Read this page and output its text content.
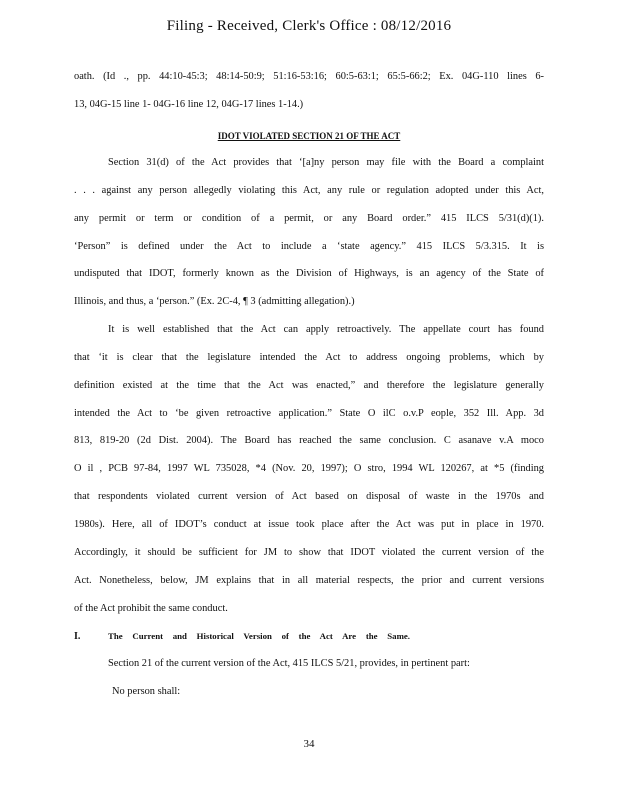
Filing - Received, Clerk's Office : 08/12/2016
oath. (Id ., pp. 44:10-45:3; 48:14-50:9; 51:16-53:16; 60:5-63:1; 65:5-66:2; Ex. 04G-110 lines 6-
13, 04G-15 line 1- 04G-16 line 12, 04G-17 lines 1-14.)
IDOT VIOLATED SECTION 21 OF THE ACT
Section 31(d) of the Act provides that ‘[a]ny person may file with the Board a complaint
. . . against any person allegedly violating this Act, any rule or regulation adopted under this Act,
any permit or term or condition of a permit, or any Board order.” 415 ILCS 5/31(d)(1).
‘Person” is defined under the Act to include a ‘state agency.” 415 ILCS 5/3.315. It is
undisputed that IDOT, formerly known as the Division of Highways, is an agency of the State of
Illinois, and thus, a ‘person.” (Ex. 2C-4, ¶ 3 (admitting allegation).)
It is well established that the Act can apply retroactively. The appellate court has found
that ‘it is clear that the legislature intended the Act to address ongoing problems, which by
definition existed at the time that the Act was enacted,” and therefore the legislature generally
intended the Act to ‘be given retroactive application.” State O ilC o.v.P eople, 352 Ill. App. 3d
813, 819-20 (2d Dist. 2004). The Board has reached the same conclusion. C asanave v.A moco
O il , PCB 97-84, 1997 WL 735028, *4 (Nov. 20, 1997); O stro, 1994 WL 120267, at *5 (finding
that respondents violated current version of Act based on disposal of waste in the 1970s and
1980s). Here, all of IDOT’s conduct at issue took place after the Act was put in place in 1970.
Accordingly, it should be sufficient for JM to show that IDOT violated the current version of the
Act. Nonetheless, below, JM explains that in all material respects, the prior and current versions
of the Act prohibit the same conduct.
I.	The Current and Historical Version of the Act Are the Same.
Section 21 of the current version of the Act, 415 ILCS 5/21, provides, in pertinent part:
No person shall:
34
